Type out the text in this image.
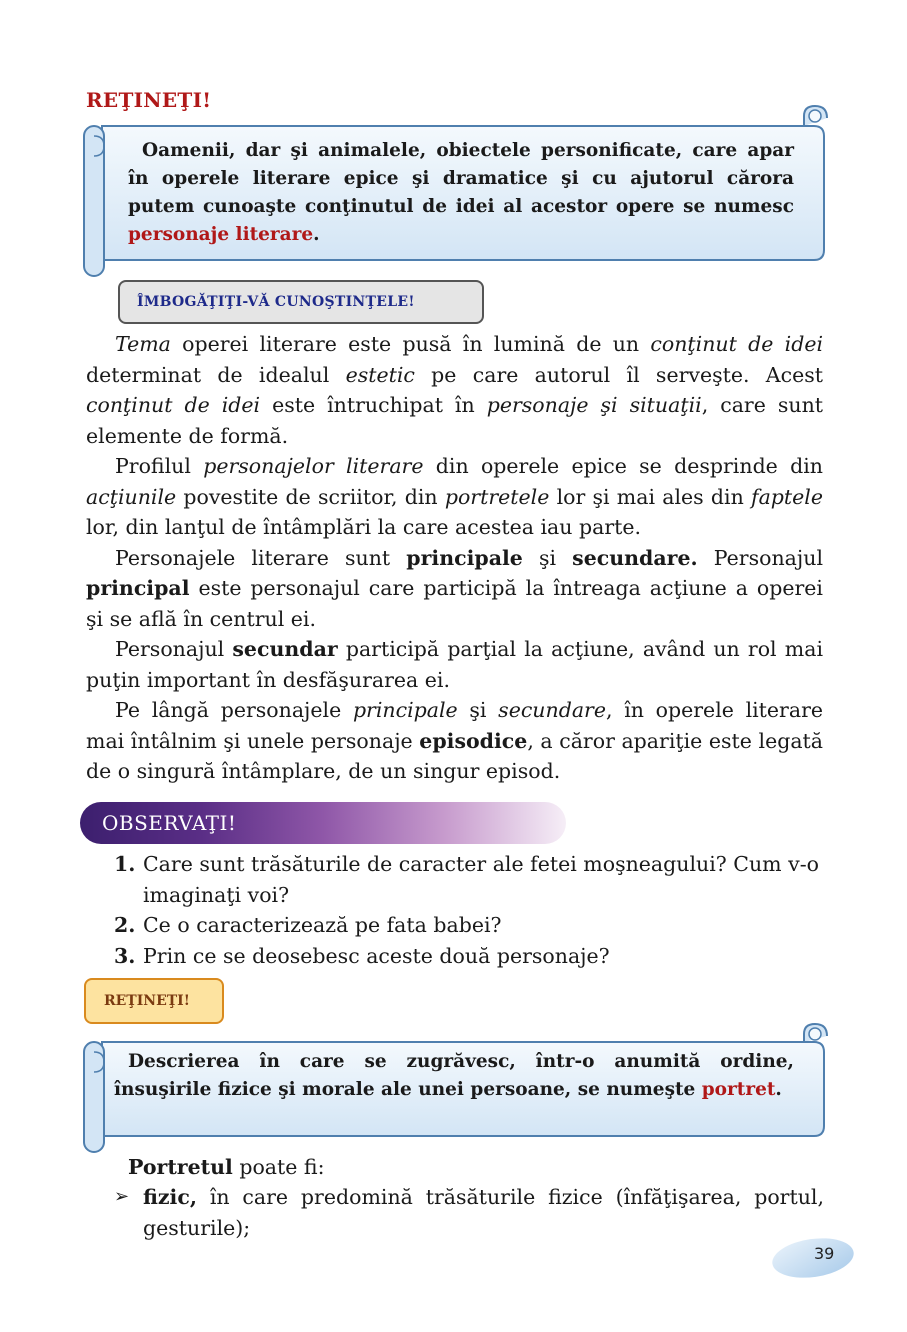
REŢINEŢI!
Oamenii, dar şi animalele, obiectele personificate, care apar în operele literare epice şi dramatice şi cu ajutorul cărora putem cunoaşte conţinutul de idei al acestor opere se numesc personaje literare.
ÎMBOGĂŢIŢI-VĂ CUNOŞTINŢELE!

Tema operei literare este pusă în lumină de un conţinut de idei determinat de idealul estetic pe care autorul îl serveşte. Acest conţinut de idei este întruchipat în personaje şi situaţii, care sunt elemente de formă.

Profilul personajelor literare din operele epice se desprinde din acţiunile povestite de scriitor, din portretele lor şi mai ales din faptele lor, din lanţul de întâmplări la care acestea iau parte.

Personajele literare sunt principale şi secundare. Personajul principal este personajul care participă la întreaga acţiune a operei şi se află în centrul ei.

Personajul secundar participă parţial la acţiune, având un rol mai puţin important în desfăşurarea ei.

Pe lângă personajele principale şi secundare, în operele literare mai întâlnim şi unele personaje episodice, a căror apariţie este legată de o singură întâmplare, de un singur episod.

OBSERVAŢI!
1. Care sunt trăsăturile de caracter ale fetei moşneagului? Cum v-o imaginaţi voi?
2. Ce o caracterizează pe fata babei?
3. Prin ce se deosebesc aceste două personaje?
REŢINEŢI!
Descrierea în care se zugrăvesc, într-o anumită ordine, însuşirile fizice şi morale ale unei persoane, se numeşte portret.
Portretul poate fi:
➢ fizic, în care predomină trăsăturile fizice (înfăţişarea, portul, gesturile);
39
